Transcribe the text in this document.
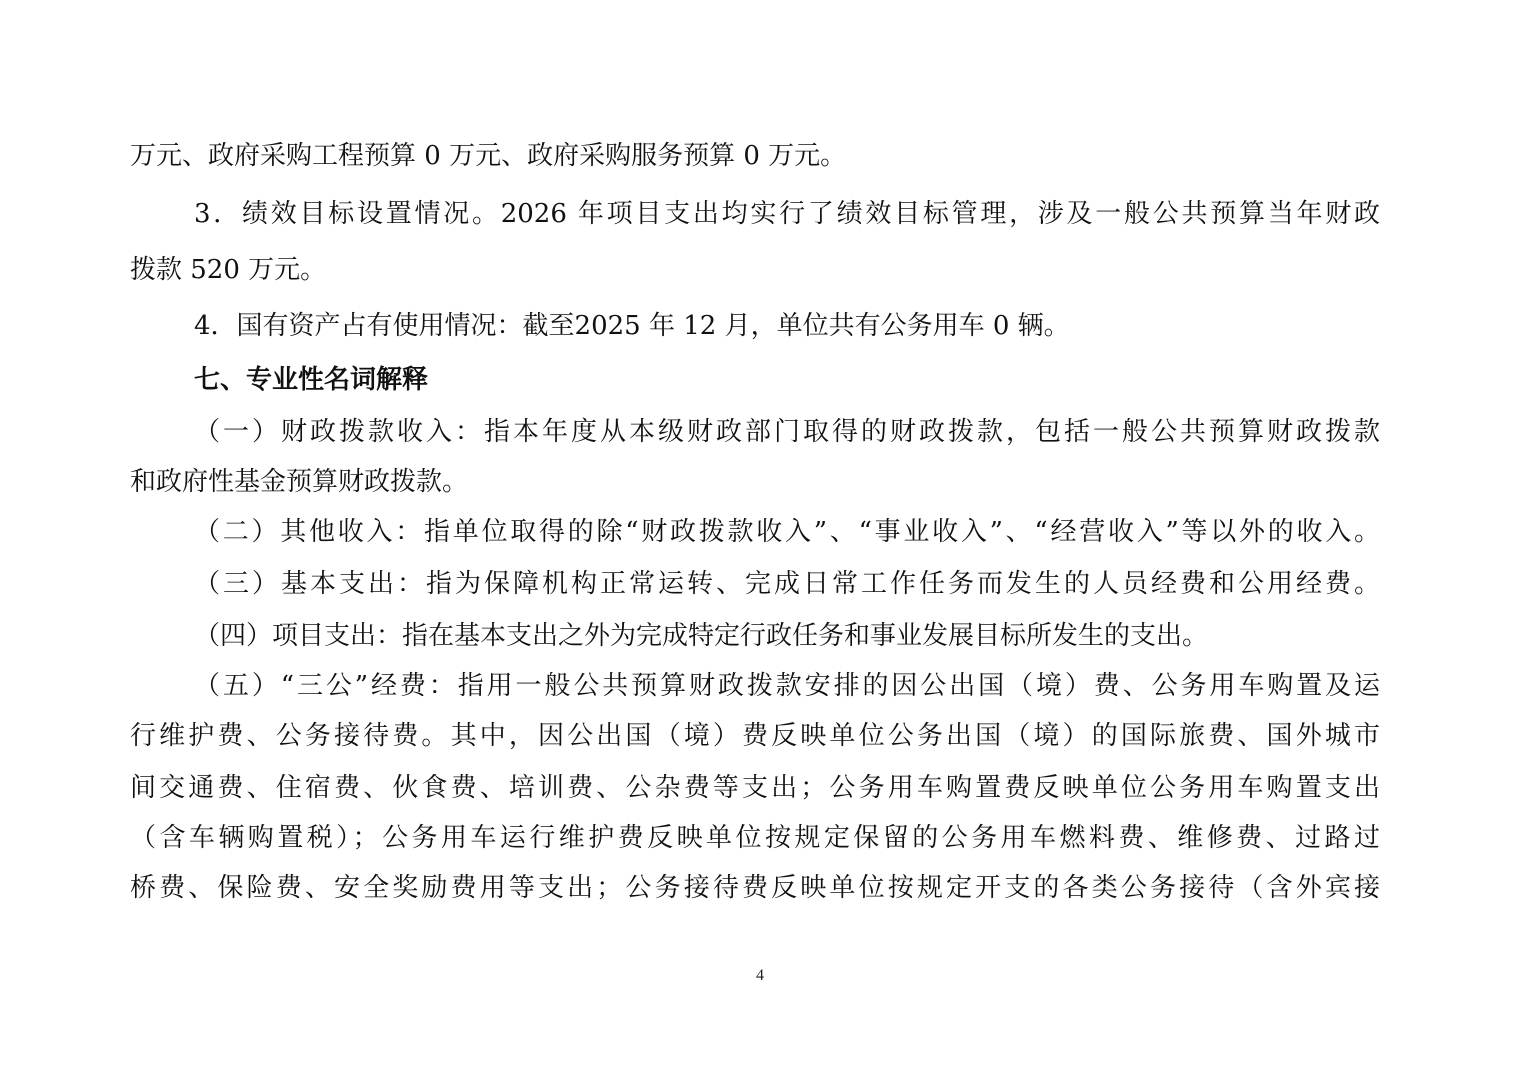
万元、政府采购工程预算 0 万元、政府采购服务预算 0 万元。
3．绩效目标设置情况。2026 年项目支出均实行了绩效目标管理，涉及一般公共预算当年财政
拨款 520 万元。
4．国有资产占有使用情况：截至2025 年 12 月，单位共有公务用车 0 辆。
七、专业性名词解释
（一）财政拨款收入：指本年度从本级财政部门取得的财政拨款，包括一般公共预算财政拨款
和政府性基金预算财政拨款。
（二）其他收入：指单位取得的除“财政拨款收入”、“事业收入”、“经营收入”等以外的收入。
（三）基本支出：指为保障机构正常运转、完成日常工作任务而发生的人员经费和公用经费。
（四）项目支出：指在基本支出之外为完成特定行政任务和事业发展目标所发生的支出。
（五）“三公”经费：指用一般公共预算财政拨款安排的因公出国（境）费、公务用车购置及运
行维护费、公务接待费。其中，因公出国（境）费反映单位公务出国（境）的国际旅费、国外城市
间交通费、住宿费、伙食费、培训费、公杂费等支出；公务用车购置费反映单位公务用车购置支出
（含车辆购置税）；公务用车运行维护费反映单位按规定保留的公务用车燃料费、维修费、过路过
桥费、保险费、安全奖励费用等支出；公务接待费反映单位按规定开支的各类公务接待（含外宾接
4
